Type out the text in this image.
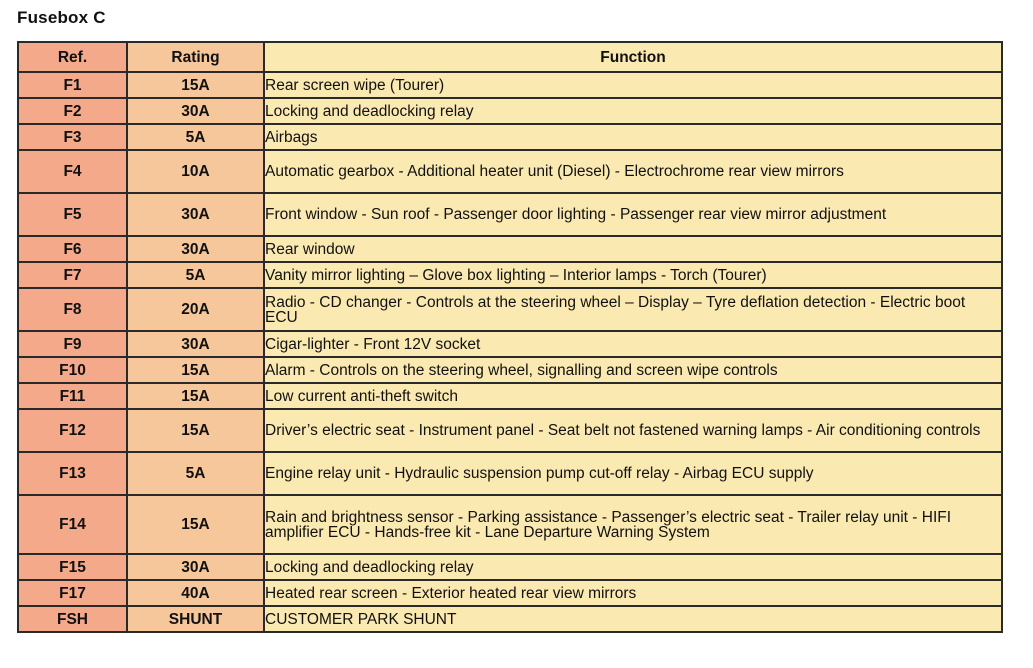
Fusebox C
Ref.	Rating	Function
F1	15A	Rear screen wipe (Tourer)
F2	30A	Locking and deadlocking relay
F3	5A	Airbags
F4	10A	Automatic gearbox - Additional heater unit (Diesel) - Electrochrome rear view mirrors
F5	30A	Front window - Sun roof - Passenger door lighting - Passenger rear view mirror adjustment
F6	30A	Rear window
F7	5A	Vanity mirror lighting – Glove box lighting – Interior lamps - Torch (Tourer)
F8	20A	Radio - CD changer - Controls at the steering wheel – Display – Tyre deflation detection - Electric boot ECU
F9	30A	Cigar-lighter - Front 12V socket
F10	15A	Alarm - Controls on the steering wheel, signalling and screen wipe controls
F11	15A	Low current anti-theft switch
F12	15A	Driver’s electric seat - Instrument panel - Seat belt not fastened warning lamps - Air conditioning controls
F13	5A	Engine relay unit - Hydraulic suspension pump cut-off relay - Airbag ECU supply
F14	15A	Rain and brightness sensor - Parking assistance - Passenger’s electric seat - Trailer relay unit - HIFI amplifier ECU - Hands-free kit - Lane Departure Warning System
F15	30A	Locking and deadlocking relay
F17	40A	Heated rear screen - Exterior heated rear view mirrors
FSH	SHUNT	CUSTOMER PARK SHUNT
